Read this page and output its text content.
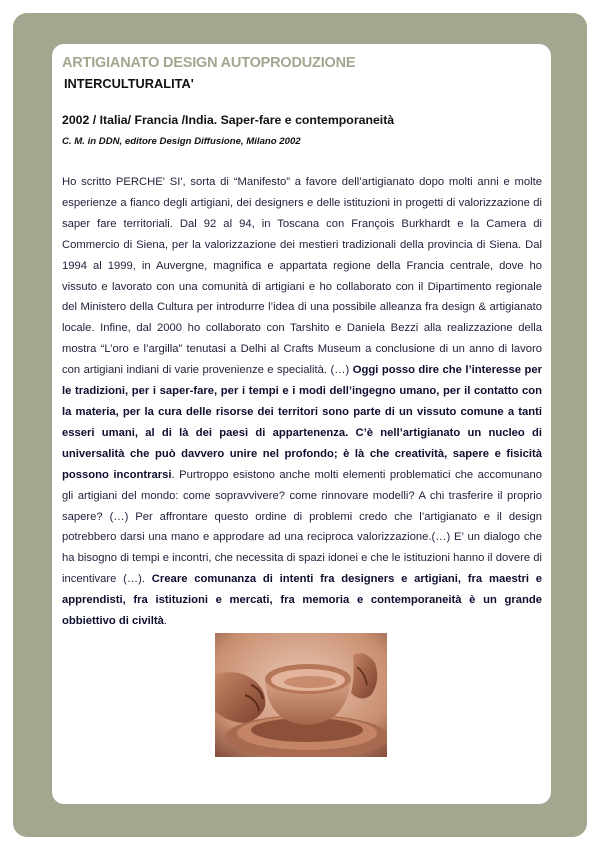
ARTIGIANATO DESIGN AUTOPRODUZIONE
INTERCULTURALITA'
2002 / Italia/ Francia /India. Saper-fare e contemporaneità
C. M. in DDN, editore Design Diffusione, Milano 2002
Ho scritto PERCHE' SI', sorta di “Manifesto” a favore dell’artigianato dopo molti anni e molte esperienze a fianco degli artigiani, dei designers e delle istituzioni in progetti di valorizzazione di saper fare territoriali. Dal 92 al 94, in Toscana con François Burkhardt e la Camera di Commercio di Siena, per la valorizzazione dei mestieri tradizionali della provincia di Siena. Dal 1994 al 1999, in Auvergne, magnifica e appartata regione della Francia centrale, dove ho vissuto e lavorato con una comunità di artigiani e ho collaborato con il Dipartimento regionale del Ministero della Cultura per introdurre l’idea di una possibile alleanza fra design & artigianato locale. Infine, dal 2000 ho collaborato con Tarshito e Daniela Bezzi alla realizzazione della mostra “L’oro e l’argilla” tenutasi a Delhi al Crafts Museum a conclusione di un anno di lavoro con artigiani indiani di varie provenienze e specialità. (…) Oggi posso dire che l’interesse per le tradizioni, per i saper-fare, per i tempi e i modi dell’ingegno umano, per il contatto con la materia, per la cura delle risorse dei territori sono parte di un vissuto comune a tanti esseri umani, al di là dei paesi di appartenenza. C’è nell’artigianato un nucleo di universalità che può davvero unire nel profondo; è là che creatività, sapere e fisicità possono incontrarsi. Purtroppo esistono anche molti elementi problematici che accomunano gli artigiani del mondo: come sopravvivere? come rinnovare modelli? A chi trasferire il proprio sapere? (…) Per affrontare questo ordine di problemi credo che l’artigianato e il design potrebbero darsi una mano e approdare ad una reciproca valorizzazione.(…) E’ un dialogo che ha bisogno di tempi e incontri, che necessita di spazi idonei e che le istituzioni hanno il dovere di incentivare (…). Creare comunanza di intenti fra designers e artigiani, fra maestri e apprendisti, fra istituzioni e mercati, fra memoria e contemporaneità è un grande obbiettivo di civiltà.
